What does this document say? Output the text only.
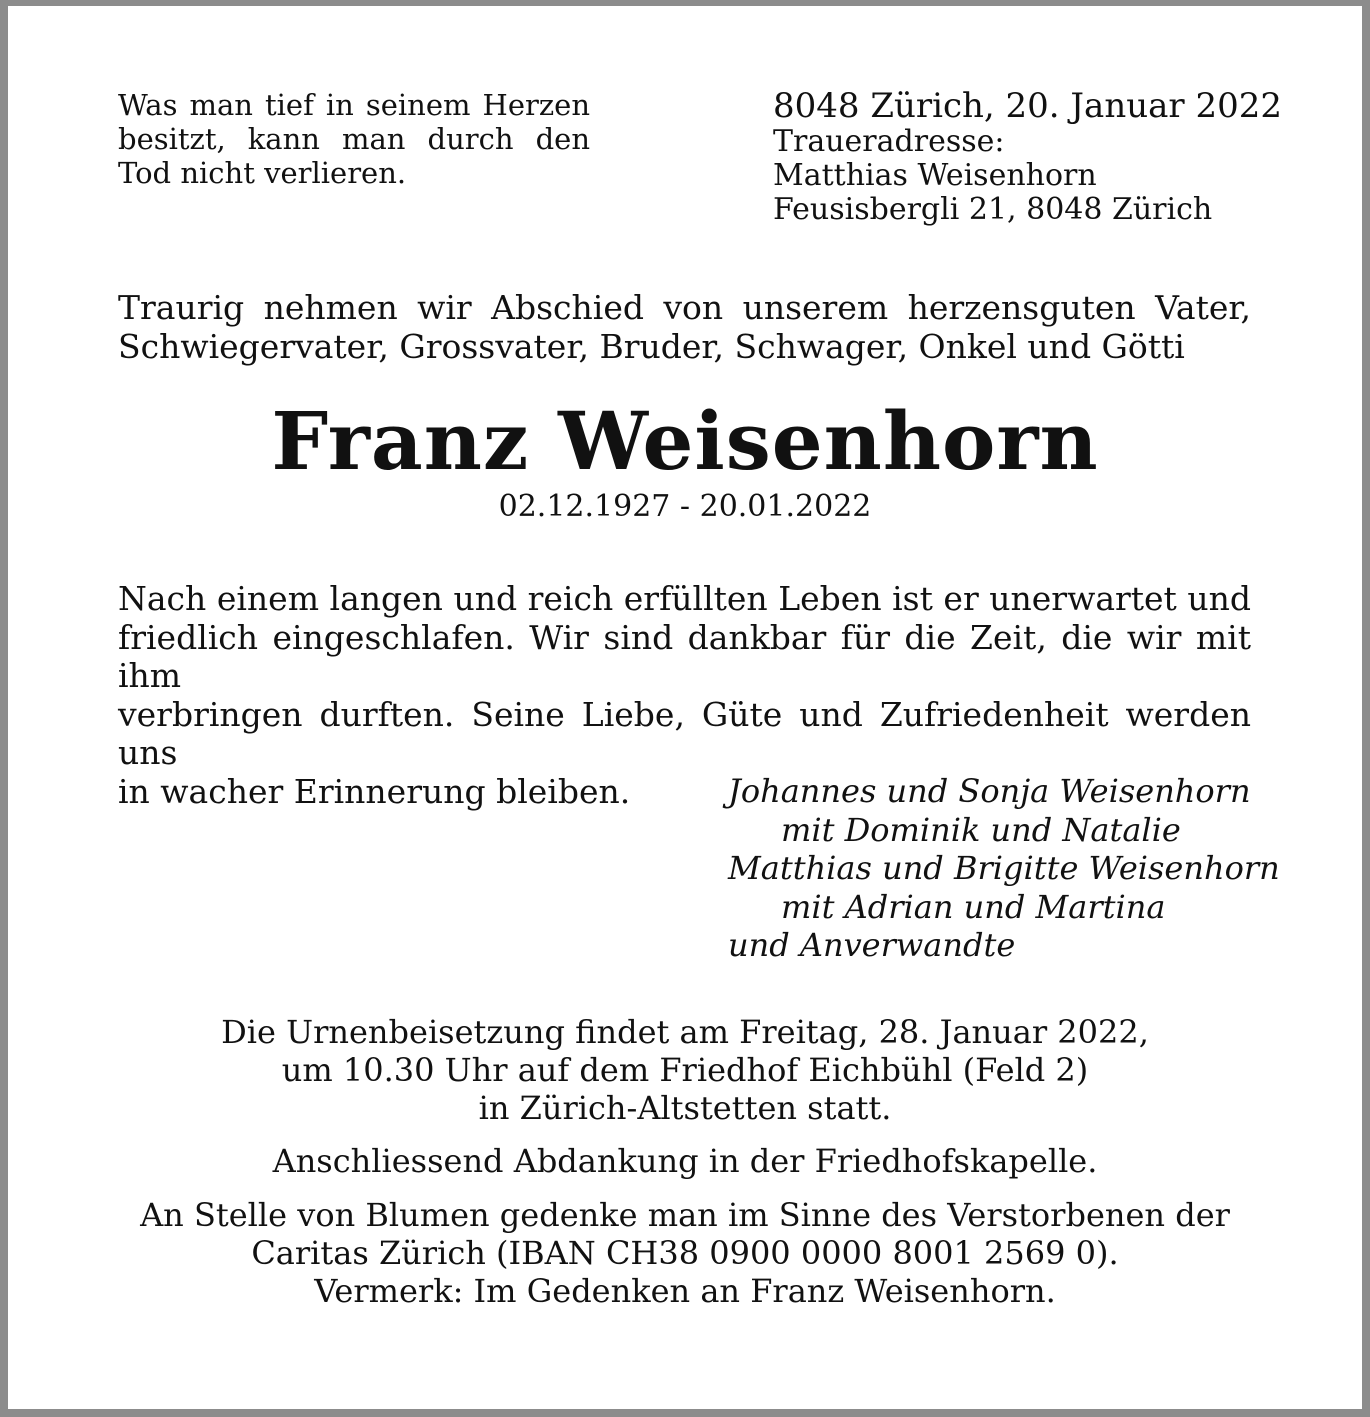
Was man tief in seinem Herzen
besitzt, kann man durch den
Tod nicht verlieren.

8048 Zürich, 20. Januar 2022
Traueradresse:
Matthias Weisenhorn
Feusisbergli 21, 8048 Zürich

Traurig nehmen wir Abschied von unserem herzensguten Vater,
Schwiegervater, Grossvater, Bruder, Schwager, Onkel und Götti

Franz Weisenhorn
02.12.1927 - 20.01.2022

Nach einem langen und reich erfüllten Leben ist er unerwartet und
friedlich eingeschlafen. Wir sind dankbar für die Zeit, die wir mit ihm
verbringen durften. Seine Liebe, Güte und Zufriedenheit werden uns
in wacher Erinnerung bleiben.	Johannes und Sonja Weisenhorn
mit Dominik und Natalie
Matthias und Brigitte Weisenhorn
mit Adrian und Martina
und Anverwandte
Die Urnenbeisetzung findet am Freitag, 28. Januar 2022,
um 10.30 Uhr auf dem Friedhof Eichbühl (Feld 2)
in Zürich-Altstetten statt.
Anschliessend Abdankung in der Friedhofskapelle.
An Stelle von Blumen gedenke man im Sinne des Verstorbenen der
Caritas Zürich (IBAN CH38 0900 0000 8001 2569 0).
Vermerk: Im Gedenken an Franz Weisenhorn.
